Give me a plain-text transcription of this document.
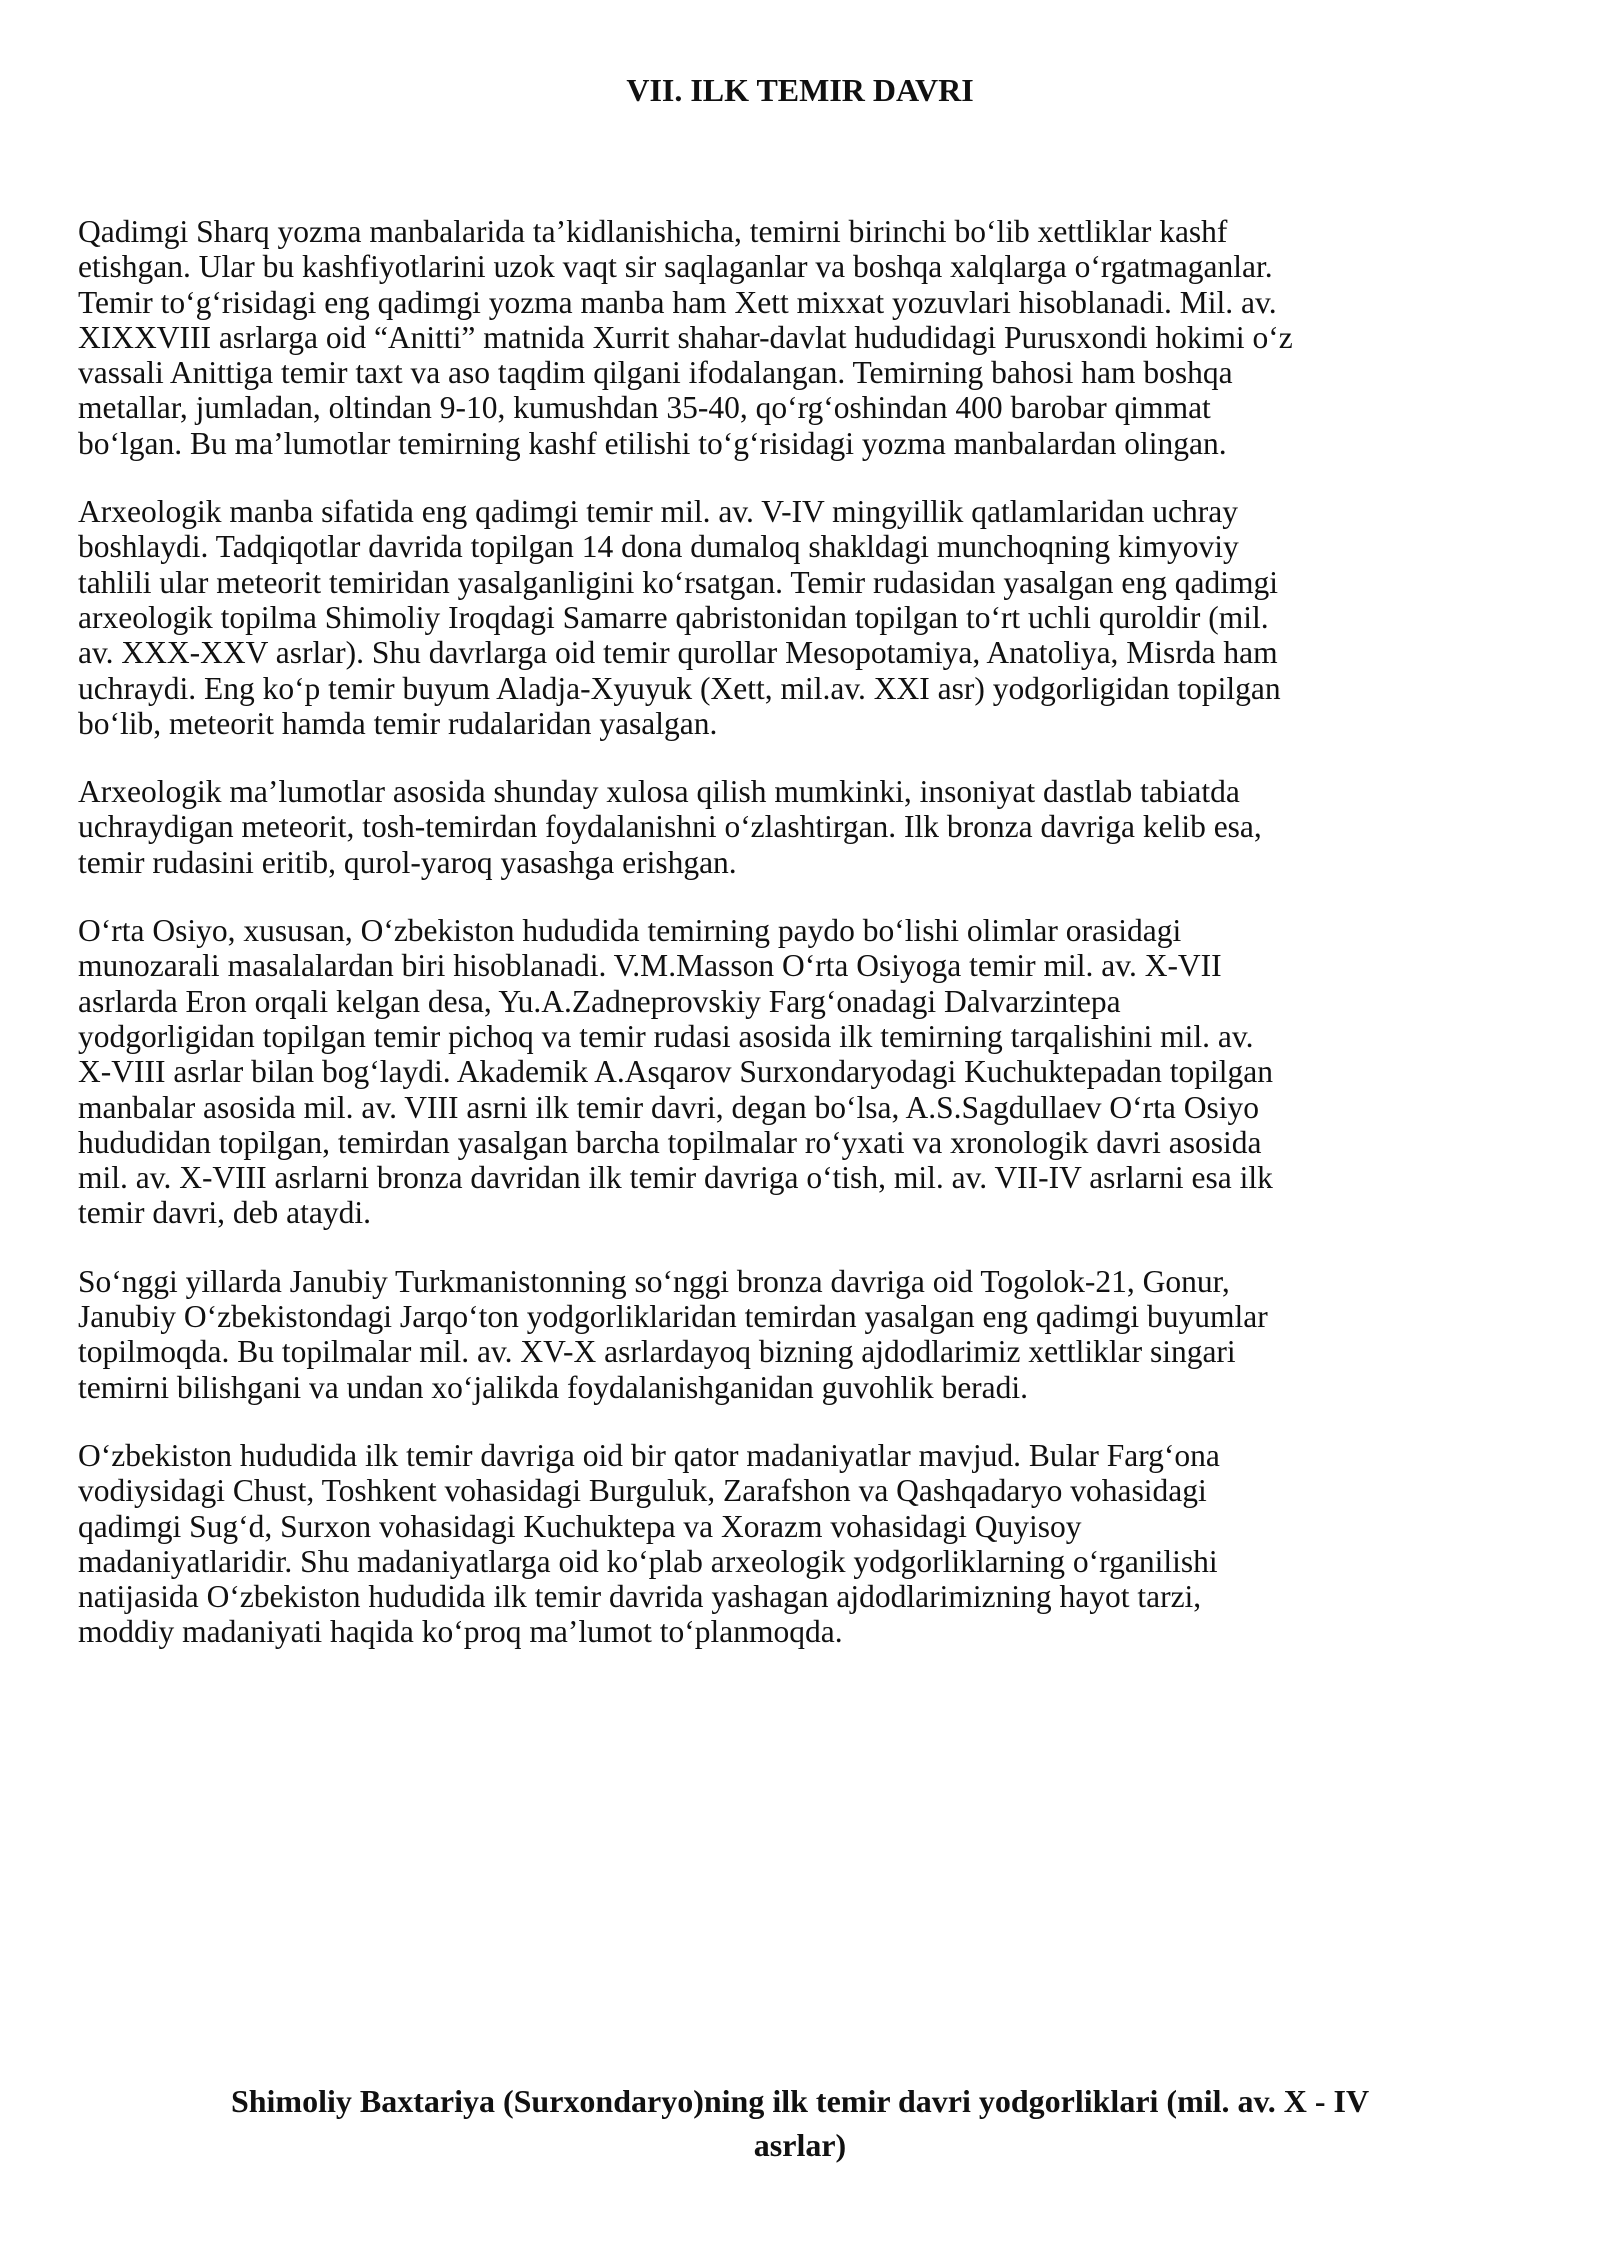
VII. ILK TEMIR DAVRI

Qadimgi Sharq yozma manbalarida ta’kidlanishicha, temirni birinchi bo‘lib xettliklar kashf
etishgan. Ular bu kashfiyotlarini uzok vaqt sir saqlaganlar va boshqa xalqlarga o‘rgatmaganlar.
Temir to‘g‘risidagi eng qadimgi yozma manba ham Xett mixxat yozuvlari hisoblanadi. Mil. av.
XIXXVIII asrlarga oid “Anitti” matnida Xurrit shahar-davlat hududidagi Purusxondi hokimi o‘z
vassali Anittiga temir taxt va aso taqdim qilgani ifodalangan. Temirning bahosi ham boshqa
metallar, jumladan, oltindan 9-10, kumushdan 35-40, qo‘rg‘oshindan 400 barobar qimmat
bo‘lgan. Bu ma’lumotlar temirning kashf etilishi to‘g‘risidagi yozma manbalardan olingan.

Arxeologik manba sifatida eng qadimgi temir mil. av. V-IV mingyillik qatlamlaridan uchray
boshlaydi. Tadqiqotlar davrida topilgan 14 dona dumaloq shakldagi munchoqning kimyoviy
tahlili ular meteorit temiridan yasalganligini ko‘rsatgan. Temir rudasidan yasalgan eng qadimgi
arxeologik topilma Shimoliy Iroqdagi Samarre qabristonidan topilgan to‘rt uchli quroldir (mil.
av. XXX-XXV asrlar). Shu davrlarga oid temir qurollar Mesopotamiya, Anatoliya, Misrda ham
uchraydi. Eng ko‘p temir buyum Aladja-Xyuyuk (Xett, mil.av. XXI asr) yodgorligidan topilgan
bo‘lib, meteorit hamda temir rudalaridan yasalgan.

Arxeologik ma’lumotlar asosida shunday xulosa qilish mumkinki, insoniyat dastlab tabiatda
uchraydigan meteorit, tosh-temirdan foydalanishni o‘zlashtirgan. Ilk bronza davriga kelib esa,
temir rudasini eritib, qurol-yaroq yasashga erishgan.

O‘rta Osiyo, xususan, O‘zbekiston hududida temirning paydo bo‘lishi olimlar orasidagi
munozarali masalalardan biri hisoblanadi. V.M.Masson O‘rta Osiyoga temir mil. av. X-VII
asrlarda Eron orqali kelgan desa, Yu.A.Zadneprovskiy Farg‘onadagi Dalvarzintepa
yodgorligidan topilgan temir pichoq va temir rudasi asosida ilk temirning tarqalishini mil. av.
X-VIII asrlar bilan bog‘laydi. Akademik A.Asqarov Surxondaryodagi Kuchuktepadan topilgan
manbalar asosida mil. av. VIII asrni ilk temir davri, degan bo‘lsa, A.S.Sagdullaev O‘rta Osiyo
hududidan topilgan, temirdan yasalgan barcha topilmalar ro‘yxati va xronologik davri asosida
mil. av. X-VIII asrlarni bronza davridan ilk temir davriga o‘tish, mil. av. VII-IV asrlarni esa ilk
temir davri, deb ataydi.

So‘nggi yillarda Janubiy Turkmanistonning so‘nggi bronza davriga oid Togolok-21, Gonur,
Janubiy O‘zbekistondagi Jarqo‘ton yodgorliklaridan temirdan yasalgan eng qadimgi buyumlar
topilmoqda. Bu topilmalar mil. av. XV-X asrlardayoq bizning ajdodlarimiz xettliklar singari
temirni bilishgani va undan xo‘jalikda foydalanishganidan guvohlik beradi.

O‘zbekiston hududida ilk temir davriga oid bir qator madaniyatlar mavjud. Bular Farg‘ona
vodiysidagi Chust, Toshkent vohasidagi Burguluk, Zarafshon va Qashqadaryo vohasidagi
qadimgi Sug‘d, Surxon vohasidagi Kuchuktepa va Xorazm vohasidagi Quyisoy
madaniyatlaridir. Shu madaniyatlarga oid ko‘plab arxeologik yodgorliklarning o‘rganilishi
natijasida O‘zbekiston hududida ilk temir davrida yashagan ajdodlarimizning hayot tarzi,
moddiy madaniyati haqida ko‘proq ma’lumot to‘planmoqda.

Shimoliy Baxtariya (Surxondaryo)ning ilk temir davri yodgorliklari (mil. av. X - IV
asrlar)
